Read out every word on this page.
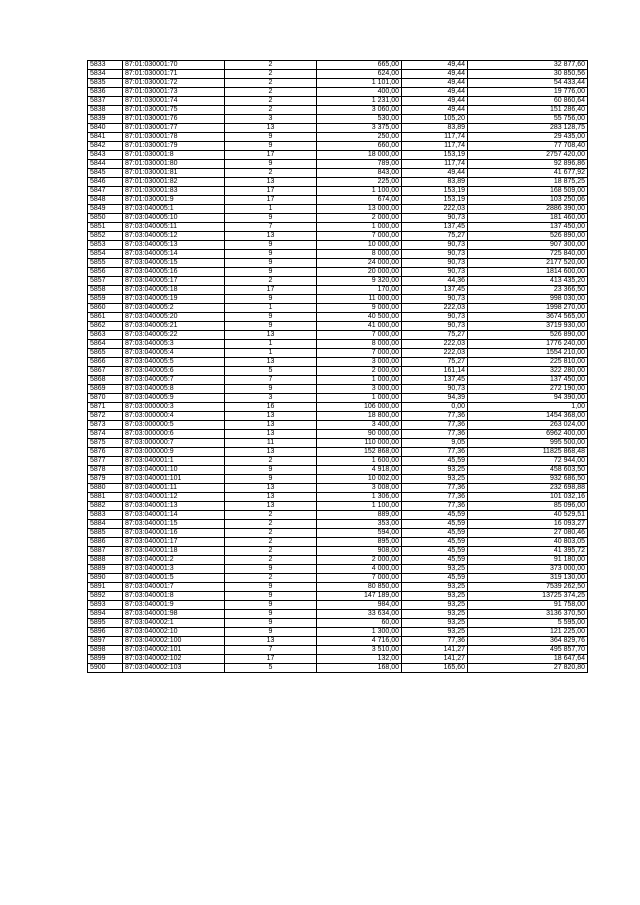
5833	87:01:030001:70	2	665,00	49,44	32 877,60
5834	87:01:030001:71	2	624,00	49,44	30 850,56
5835	87:01:030001:72	2	1 101,00	49,44	54 433,44
5836	87:01:030001:73	2	400,00	49,44	19 776,00
5837	87:01:030001:74	2	1 231,00	49,44	60 860,64
5838	87:01:030001:75	2	3 060,00	49,44	151 286,40
5839	87:01:030001:76	3	530,00	105,20	55 756,00
5840	87:01:030001:77	13	3 375,00	83,89	283 128,75
5841	87:01:030001:78	9	250,00	117,74	29 435,00
5842	87:01:030001:79	9	660,00	117,74	77 708,40
5843	87:01:030001:8	17	18 000,00	153,19	2757 420,00
5844	87:01:030001:80	9	789,00	117,74	92 896,86
5845	87:01:030001:81	2	843,00	49,44	41 677,92
5846	87:01:030001:82	13	225,00	83,89	18 875,25
5847	87:01:030001:83	17	1 100,00	153,19	168 509,00
5848	87:01:030001:9	17	674,00	153,19	103 250,06
5849	87:03:040005:1	1	13 000,00	222,03	2886 390,00
5850	87:03:040005:10	9	2 000,00	90,73	181 460,00
5851	87:03:040005:11	7	1 000,00	137,45	137 450,00
5852	87:03:040005:12	13	7 000,00	75,27	526 890,00
5853	87:03:040005:13	9	10 000,00	90,73	907 300,00
5854	87:03:040005:14	9	8 000,00	90,73	725 840,00
5855	87:03:040005:15	9	24 000,00	90,73	2177 520,00
5856	87:03:040005:16	9	20 000,00	90,73	1814 600,00
5857	87:03:040005:17	2	9 320,00	44,36	413 435,20
5858	87:03:040005:18	17	170,00	137,45	23 366,50
5859	87:03:040005:19	9	11 000,00	90,73	998 030,00
5860	87:03:040005:2	1	9 000,00	222,03	1998 270,00
5861	87:03:040005:20	9	40 500,00	90,73	3674 565,00
5862	87:03:040005:21	9	41 000,00	90,73	3719 930,00
5863	87:03:040005:22	13	7 000,00	75,27	526 890,00
5864	87:03:040005:3	1	8 000,00	222,03	1776 240,00
5865	87:03:040005:4	1	7 000,00	222,03	1554 210,00
5866	87:03:040005:5	13	3 000,00	75,27	225 810,00
5867	87:03:040005:6	5	2 000,00	161,14	322 280,00
5868	87:03:040005:7	7	1 000,00	137,45	137 450,00
5869	87:03:040005:8	9	3 000,00	90,73	272 190,00
5870	87:03:040005:9	3	1 000,00	94,39	94 390,00
5871	87:03:000000:3	16	106 000,00	0,00	1,00
5872	87:03:000000:4	13	18 800,00	77,36	1454 368,00
5873	87:03:000000:5	13	3 400,00	77,36	263 024,00
5874	87:03:000000:6	13	90 000,00	77,36	6962 400,00
5875	87:03:000000:7	11	110 000,00	9,05	995 500,00
5876	87:03:000000:9	13	152 868,00	77,36	11825 868,48
5877	87:03:040001:1	2	1 600,00	45,59	72 944,00
5878	87:03:040001:10	9	4 918,00	93,25	458 603,50
5879	87:03:040001:101	9	10 002,00	93,25	932 686,50
5880	87:03:040001:11	13	3 008,00	77,36	232 698,88
5881	87:03:040001:12	13	1 306,00	77,36	101 032,16
5882	87:03:040001:13	13	1 100,00	77,36	85 096,00
5883	87:03:040001:14	2	889,00	45,59	40 529,51
5884	87:03:040001:15	2	353,00	45,59	16 093,27
5885	87:03:040001:16	2	594,00	45,59	27 080,46
5886	87:03:040001:17	2	895,00	45,59	40 803,05
5887	87:03:040001:18	2	908,00	45,59	41 395,72
5888	87:03:040001:2	2	2 000,00	45,59	91 180,00
5889	87:03:040001:3	9	4 000,00	93,25	373 000,00
5890	87:03:040001:5	2	7 000,00	45,59	319 130,00
5891	87:03:040001:7	9	80 850,00	93,25	7539 262,50
5892	87:03:040001:8	9	147 189,00	93,25	13725 374,25
5893	87:03:040001:9	9	984,00	93,25	91 758,00
5894	87:03:040001:98	9	33 634,00	93,25	3136 370,50
5895	87:03:040002:1	9	60,00	93,25	5 595,00
5896	87:03:040002:10	9	1 300,00	93,25	121 225,00
5897	87:03:040002:100	13	4 716,00	77,36	364 829,76
5898	87:03:040002:101	7	3 510,00	141,27	495 857,70
5899	87:03:040002:102	17	132,00	141,27	18 647,64
5900	87:03:040002:103	5	168,00	165,60	27 820,80
